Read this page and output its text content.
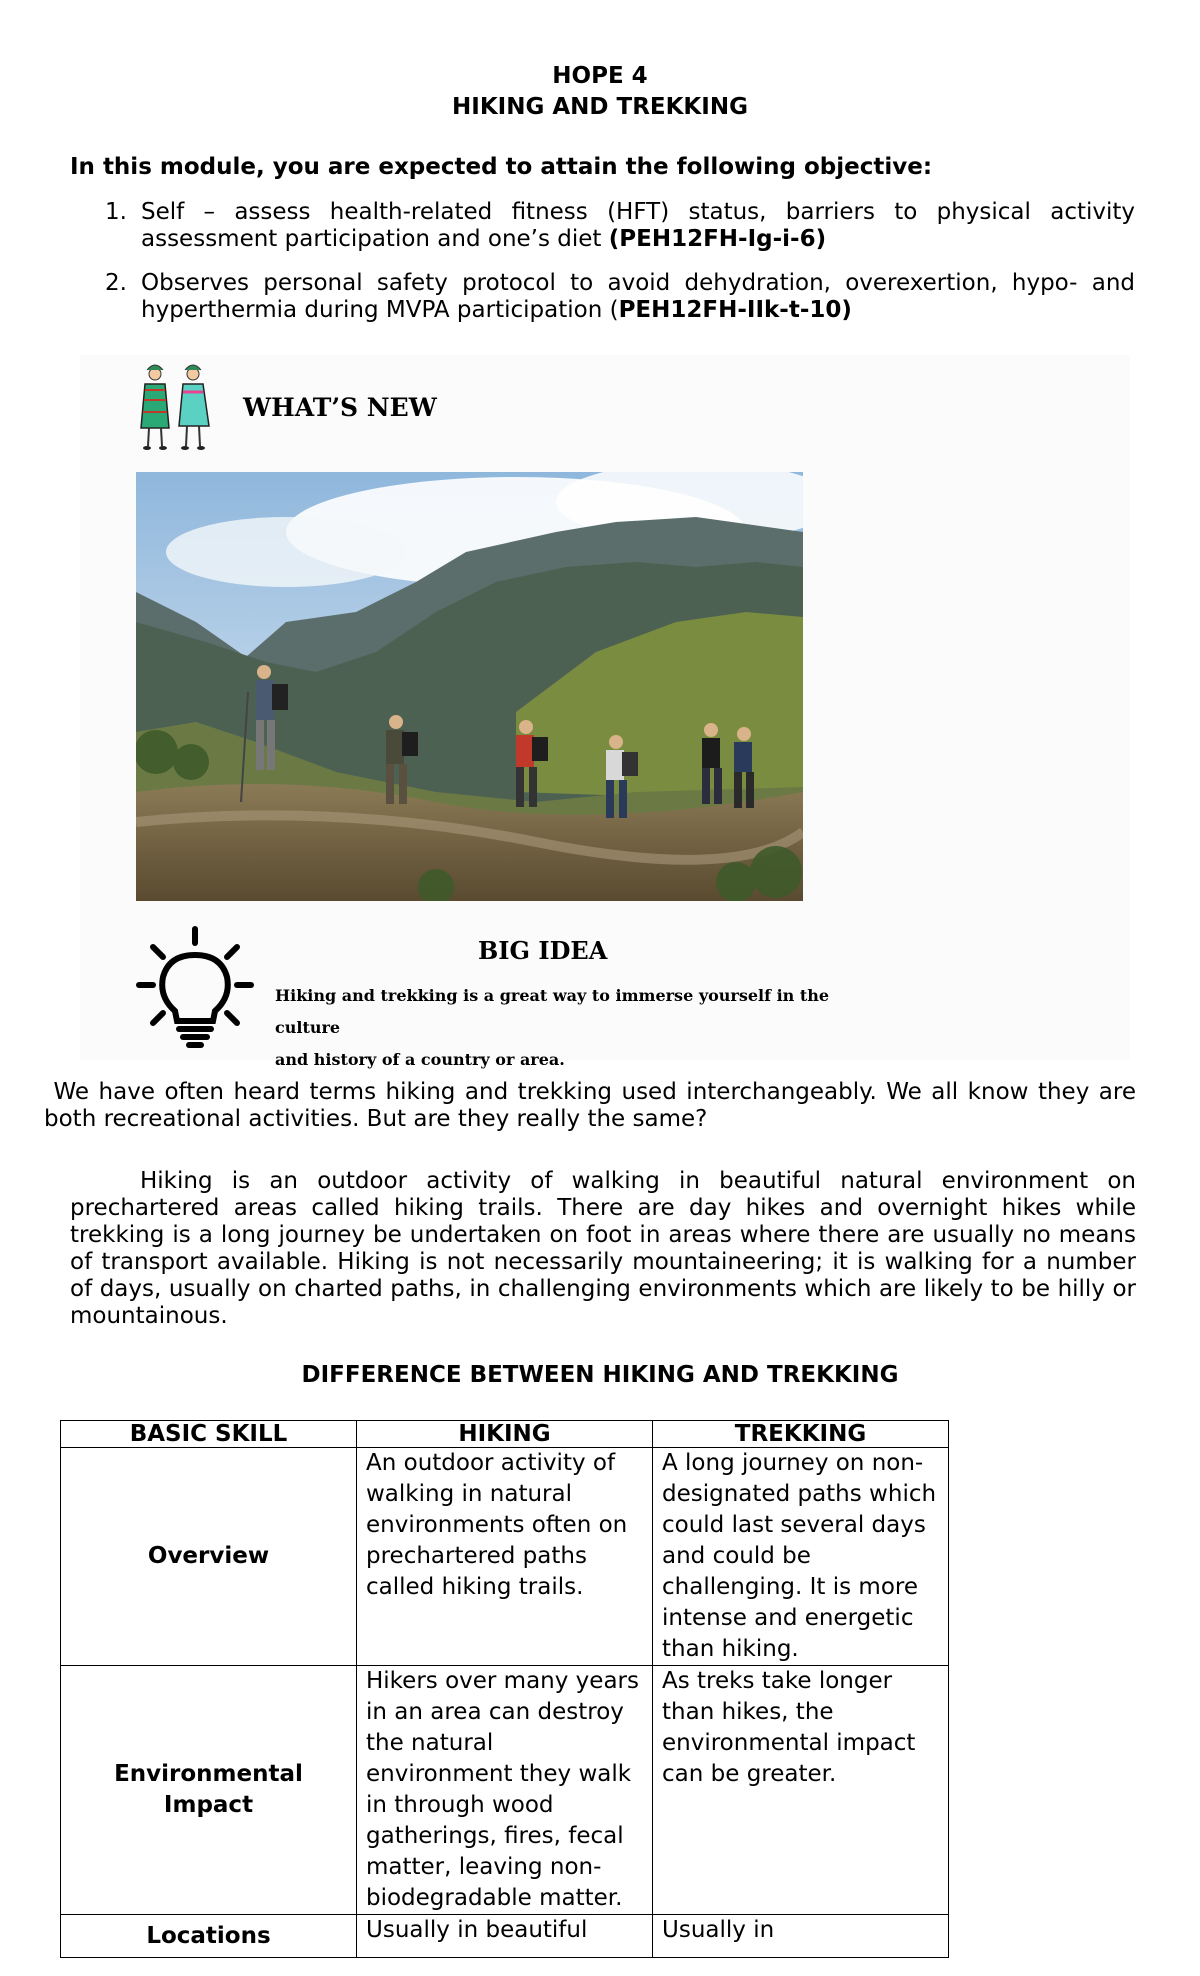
HOPE 4
HIKING AND TREKKING
In this module, you are expected to attain the following objective:
1. Self – assess health-related fitness (HFT) status, barriers to physical activity assessment participation and one’s diet (PEH12FH-Ig-i-6)
2. Observes personal safety protocol to avoid dehydration, overexertion, hypo- and hyperthermia during MVPA participation (PEH12FH-IIk-t-10)
WHAT’S NEW
BIG IDEA
Hiking and trekking is a great way to immerse yourself in the culture
and history of a country or area.
We have often heard terms hiking and trekking used interchangeably. We all know they are both recreational activities. But are they really the same?
Hiking is an outdoor activity of walking in beautiful natural environment on prechartered areas called hiking trails. There are day hikes and overnight hikes while trekking is a long journey be undertaken on foot in areas where there are usually no means of transport available. Hiking is not necessarily mountaineering; it is walking for a number of days, usually on charted paths, in challenging environments which are likely to be hilly or mountainous.
DIFFERENCE BETWEEN HIKING AND TREKKING
BASIC SKILL	HIKING	TREKKING
Overview	An outdoor activity of walking in natural environments often on prechartered paths called hiking trails.	A long journey on non-designated paths which could last several days and could be challenging. It is more intense and energetic than hiking.
Environmental Impact	Hikers over many years in an area can destroy the natural environment they walk in through wood gatherings, fires, fecal matter, leaving non-biodegradable matter.	As treks take longer than hikes, the environmental impact can be greater.
Locations	Usually in beautiful	Usually in
